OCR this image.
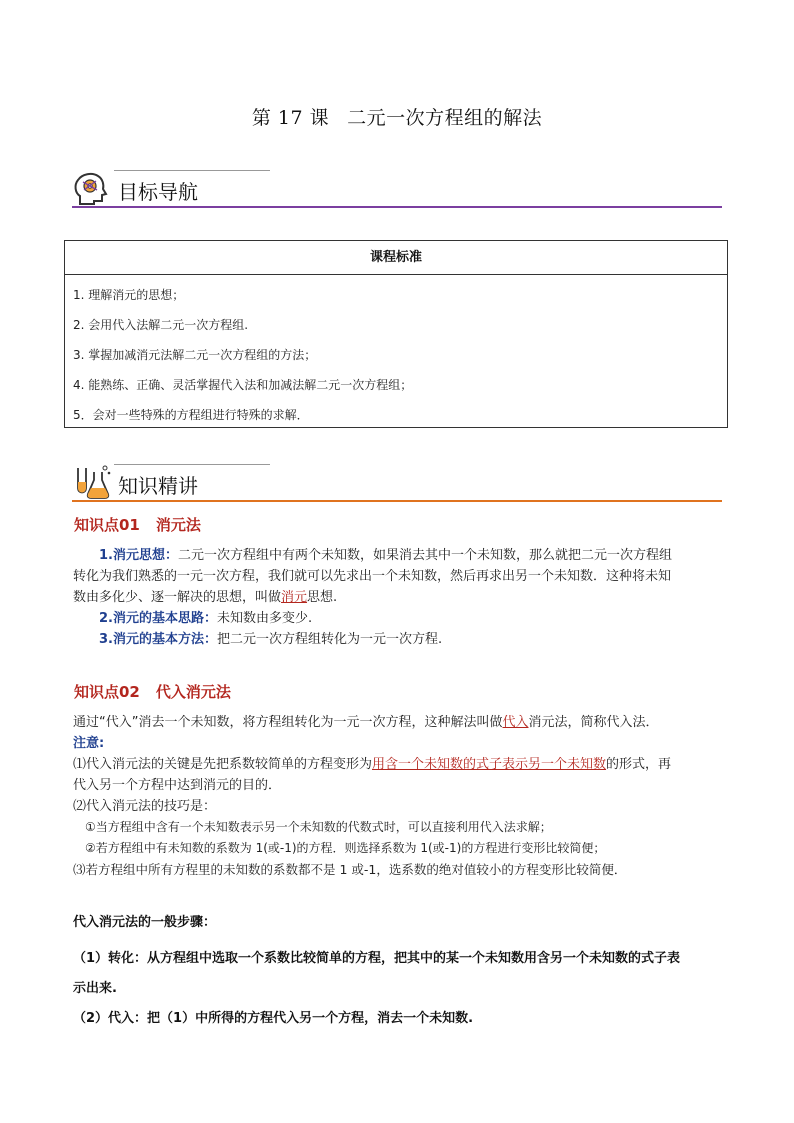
第 17 课 二元一次方程组的解法
目标导航
课程标准
1. 理解消元的思想；
2. 会用代入法解二元一次方程组.
3. 掌握加减消元法解二元一次方程组的方法；
4. 能熟练、正确、灵活掌握代入法和加减法解二元一次方程组；
5．会对一些特殊的方程组进行特殊的求解．
知识精讲
知识点01 消元法
1.消元思想：二元一次方程组中有两个未知数，如果消去其中一个未知数，那么就把二元一次方程组
转化为我们熟悉的一元一次方程，我们就可以先求出一个未知数，然后再求出另一个未知数．这种将未知
数由多化少、逐一解决的思想，叫做消元思想.
2.消元的基本思路：未知数由多变少.
3.消元的基本方法：把二元一次方程组转化为一元一次方程.
知识点02 代入消元法
通过“代入”消去一个未知数，将方程组转化为一元一次方程，这种解法叫做代入消元法，简称代入法．
注意:
⑴代入消元法的关键是先把系数较简单的方程变形为用含一个未知数的式子表示另一个未知数的形式，再
代入另一个方程中达到消元的目的．
⑵代入消元法的技巧是：
①当方程组中含有一个未知数表示另一个未知数的代数式时，可以直接利用代入法求解；
②若方程组中有未知数的系数为 1(或-1)的方程．则选择系数为 1(或-1)的方程进行变形比较简便；
⑶若方程组中所有方程里的未知数的系数都不是 1 或-1，选系数的绝对值较小的方程变形比较简便．
代入消元法的一般步骤：
（1）转化：从方程组中选取一个系数比较简单的方程，把其中的某一个未知数用含另一个未知数的式子表
示出来.
（2）代入：把（1）中所得的方程代入另一个方程，消去一个未知数.
